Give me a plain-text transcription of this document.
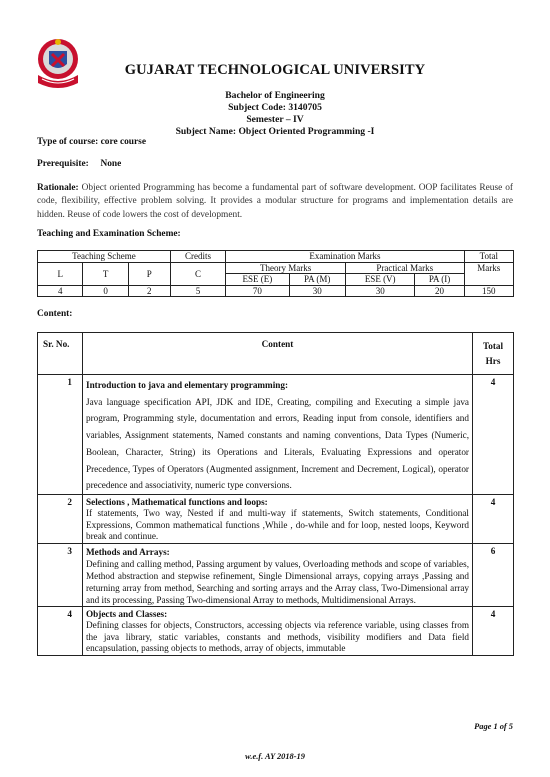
GUJARAT TECHNOLOGICAL UNIVERSITY
Bachelor of Engineering
Subject Code: 3140705
Semester – IV
Subject Name: Object Oriented Programming -I
Type of course: core course
Prerequisite: None
Rationale: Object oriented Programming has become a fundamental part of software development. OOP facilitates Reuse of code, flexibility, effective problem solving. It provides a modular structure for programs and implementation details are hidden. Reuse of code lowers the cost of development.
Teaching and Examination Scheme:
Teaching Scheme			Credits	Examination Marks				Total
L	T	P	C	Theory Marks		Practical Marks		Marks
				ESE (E)	PA (M)	ESE (V)	PA (I)	
4	0	2	5	70	30	30	20	150
Content:
Sr. No.	Content	Total
Hrs
1	Introduction to java and elementary programming:
Java language specification API, JDK and IDE, Creating, compiling and Executing a simple java program, Programming style, documentation and errors, Reading input from console, identifiers and variables, Assignment statements, Named constants and naming conventions, Data Types (Numeric, Boolean, Character, String) its Operations and Literals, Evaluating Expressions and operator Precedence, Types of Operators (Augmented assignment, Increment and Decrement, Logical), operator precedence and associativity, numeric type conversions.	4
2	Selections , Mathematical functions and loops:
If statements, Two way, Nested if and multi-way if statements, Switch statements, Conditional Expressions, Common mathematical functions ,While , do-while and for loop, nested loops, Keyword break and continue.	4
3	Methods and Arrays:
Defining and calling method, Passing argument by values, Overloading methods and scope of variables, Method abstraction and stepwise refinement, Single Dimensional arrays, copying arrays ,Passing and returning array from method, Searching and sorting arrays and the Array class, Two-Dimensional array and its processing, Passing Two-dimensional Array to methods, Multidimensional Arrays.	6
4	Objects and Classes:
Defining classes for objects, Constructors, accessing objects via reference variable, using classes from the java library, static variables, constants and methods, visibility modifiers and Data field encapsulation, passing objects to methods, array of objects, immutable	4
Page 1 of 5
w.e.f. AY 2018-19
